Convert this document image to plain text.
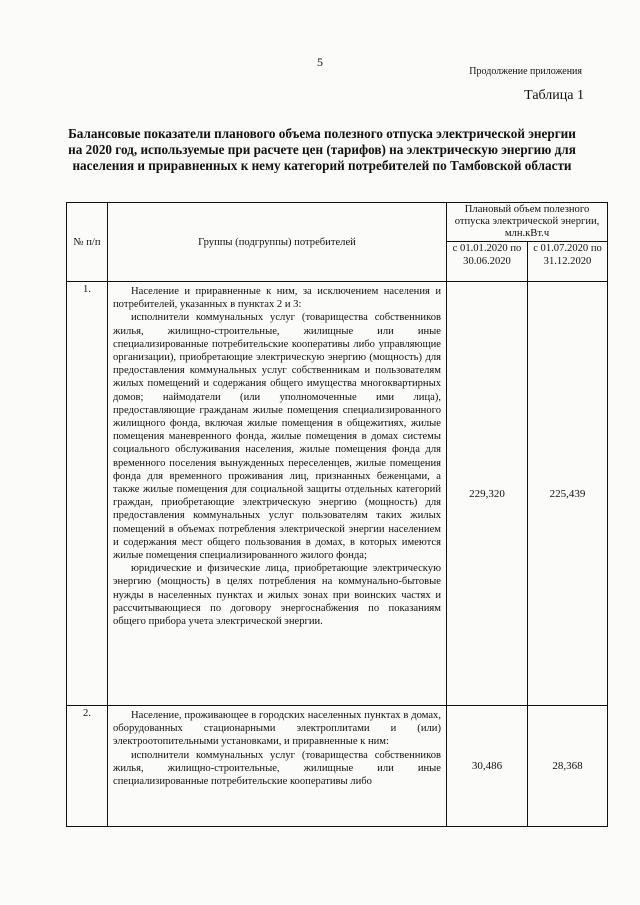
5
Продолжение приложения
Таблица 1
Балансовые показатели планового объема полезного отпуска электрической энергии на 2020 год, используемые при расчете цен (тарифов) на электрическую энергию для населения и приравненных к нему категорий потребителей по Тамбовской области
№ п/п	Группы (подгруппы) потребителей	Плановый объем полезного отпуска электрической энергии, млн.кВт.ч	
		с 01.01.2020 по 30.06.2020	с 01.07.2020 по 31.12.2020
1.	Население и приравненные к ним, за исключением населения и потребителей, указанных в пунктах 2 и 3:

исполнители коммунальных услуг (товарищества собственников жилья, жилищно-строительные, жилищные или иные специализированные потребительские кооперативы либо управляющие организации), приобретающие электрическую энергию (мощность) для предоставления коммунальных услуг собственникам и пользователям жилых помещений и содержания общего имущества многоквартирных домов; наймодатели (или уполномоченные ими лица), предоставляющие гражданам жилые помещения специализированного жилищного фонда, включая жилые помещения в общежитиях, жилые помещения маневренного фонда, жилые помещения в домах системы социального обслуживания населения, жилые помещения фонда для временного поселения вынужденных переселенцев, жилые помещения фонда для временного проживания лиц, признанных беженцами, а также жилые помещения для социальной защиты отдельных категорий граждан, приобретающие электрическую энергию (мощность) для предоставления коммунальных услуг пользователям таких жилых помещений в объемах потребления электрической энергии населением и содержания мест общего пользования в домах, в которых имеются жилые помещения специализированного жилого фонда;

юридические и физические лица, приобретающие электрическую энергию (мощность) в целях потребления на коммунально-бытовые нужды в населенных пунктах и жилых зонах при воинских частях и рассчитывающиеся по договору энергоснабжения по показаниям общего прибора учета электрической энергии.	229,320	225,439
2.	Население, проживающее в городских населенных пунктах в домах, оборудованных стационарными электроплитами и (или) электроотопительными установками, и приравненные к ним:

исполнители коммунальных услуг (товарищества собственников жилья, жилищно-строительные, жилищные или иные специализированные потребительские кооперативы либо	30,486	28,368
